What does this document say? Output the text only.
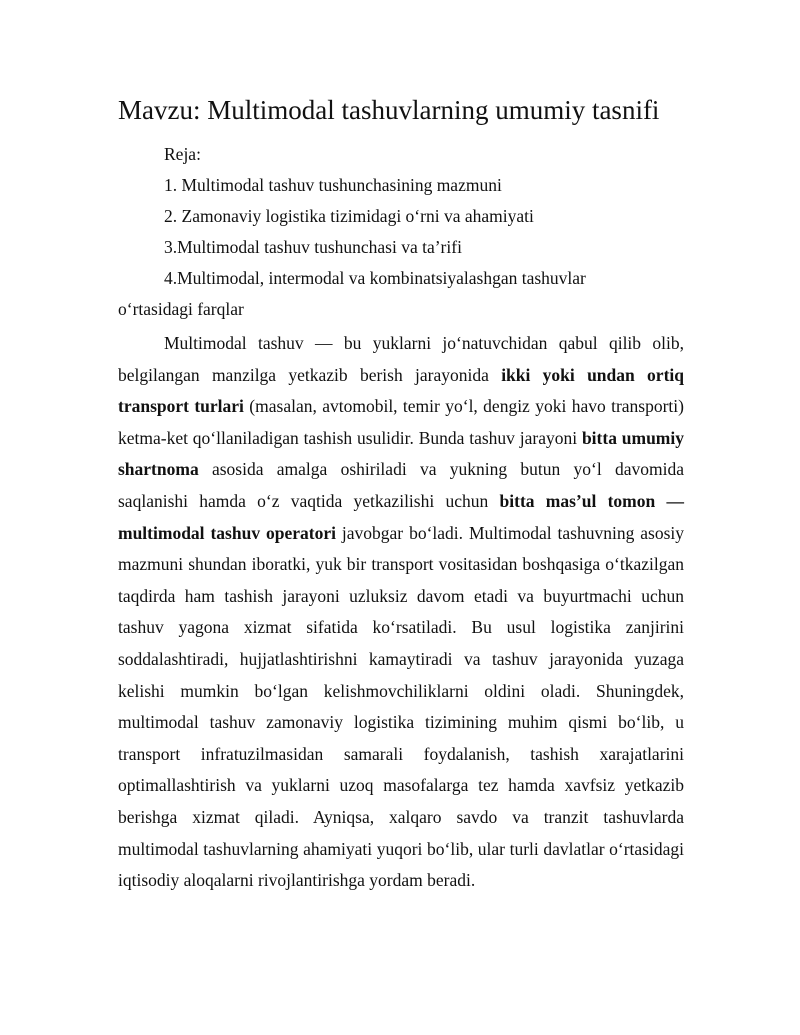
Mavzu: Multimodal tashuvlarning umumiy tasnifi
Reja:
1. Multimodal tashuv tushunchasining mazmuni
2. Zamonaviy logistika tizimidagi o‘rni va ahamiyati
3.Multimodal tashuv tushunchasi va ta’rifi
4.Multimodal, intermodal va kombinatsiyalashgan tashuvlar
o‘rtasidagi farqlar

Multimodal tashuv — bu yuklarni jo‘natuvchidan qabul qilib olib, belgilangan manzilga yetkazib berish jarayonida ikki yoki undan ortiq transport turlari (masalan, avtomobil, temir yo‘l, dengiz yoki havo transporti) ketma-ket qo‘llaniladigan tashish usulidir. Bunda tashuv jarayoni bitta umumiy shartnoma asosida amalga oshiriladi va yukning butun yo‘l davomida saqlanishi hamda o‘z vaqtida yetkazilishi uchun bitta mas’ul tomon — multimodal tashuv operatori javobgar bo‘ladi. Multimodal tashuvning asosiy mazmuni shundan iboratki, yuk bir transport vositasidan boshqasiga o‘tkazilgan taqdirda ham tashish jarayoni uzluksiz davom etadi va buyurtmachi uchun tashuv yagona xizmat sifatida ko‘rsatiladi. Bu usul logistika zanjirini soddalashtiradi, hujjatlashtirishni kamaytiradi va tashuv jarayonida yuzaga kelishi mumkin bo‘lgan kelishmovchiliklarni oldini oladi. Shuningdek, multimodal tashuv zamonaviy logistika tizimining muhim qismi bo‘lib, u transport infratuzilmasidan samarali foydalanish, tashish xarajatlarini optimallashtirish va yuklarni uzoq masofalarga tez hamda xavfsiz yetkazib berishga xizmat qiladi. Ayniqsa, xalqaro savdo va tranzit tashuvlarda multimodal tashuvlarning ahamiyati yuqori bo‘lib, ular turli davlatlar o‘rtasidagi iqtisodiy aloqalarni rivojlantirishga yordam beradi.
